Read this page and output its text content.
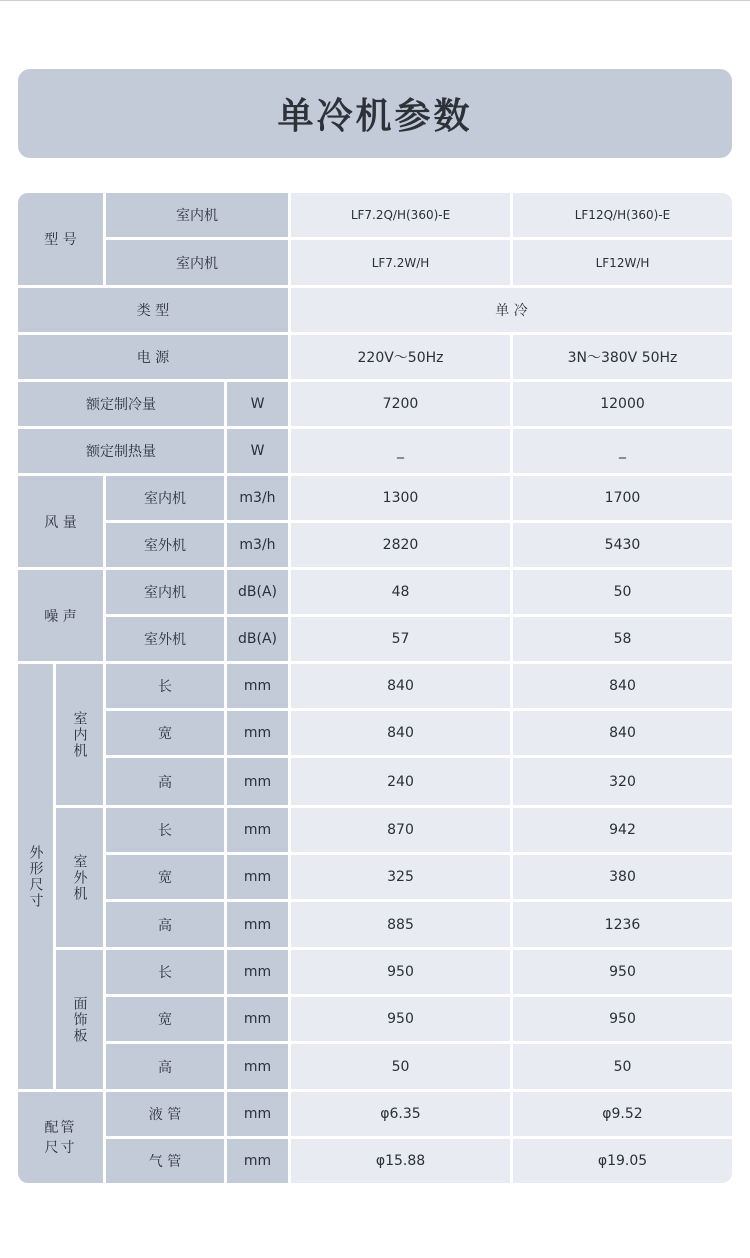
单冷机参数
型 号
室内机	LF7.2Q/H(360)-E	LF12Q/H(360)-E
室内机	LF7.2W/H	LF12W/H
类 型	单 冷
电 源	220V～50Hz	3N～380V 50Hz
额定制冷量	W	7200	12000
额定制热量	W	_	_
风 量
室内机	m3/h	1300	1700
室外机	m3/h	2820	5430
噪 声
室内机	dB(A)	48	50
室外机	dB(A)	57	58
外形尺寸
室内机
长	mm	840	840
宽	mm	840	840
高	mm	240	320
室外机
长	mm	870	942
宽	mm	325	380
高	mm	885	1236
面饰板
长	mm	950	950
宽	mm	950	950
高	mm	50	50
配管尺寸
液 管	mm	φ6.35	φ9.52
气 管	mm	φ15.88	φ19.05
